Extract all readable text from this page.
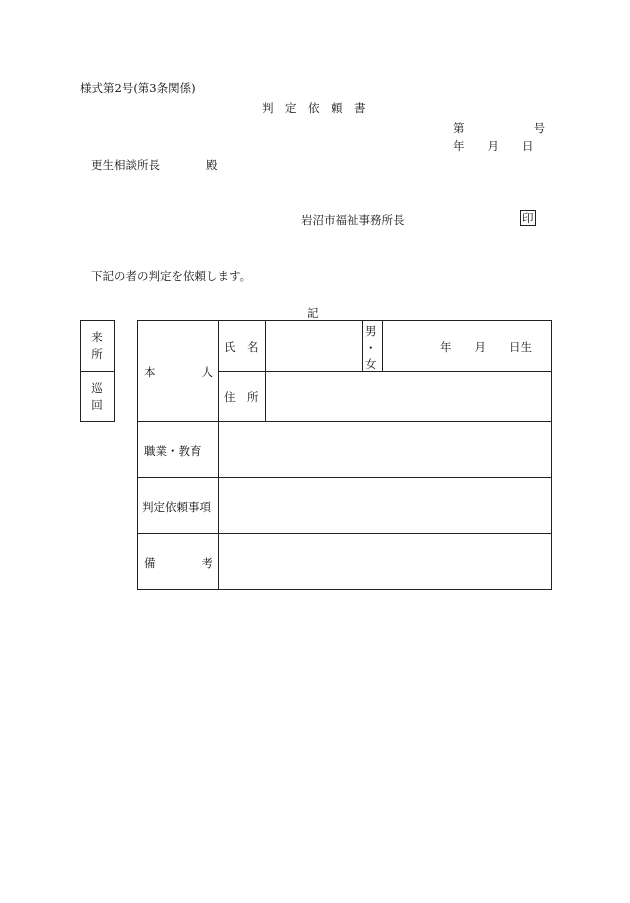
様式第2号(第3条関係)
判　定　依　頼　書
第　　　　　　号
年　　月　　日
更生相談所長　　　　殿
岩沼市福祉事務所長	印
下記の者の判定を依頼します。
記
来所
巡回
本　　　　人
氏　名
男
・
女
年　　月　　日生
住　所
職業・教育
判定依頼事項
備　　　　考
